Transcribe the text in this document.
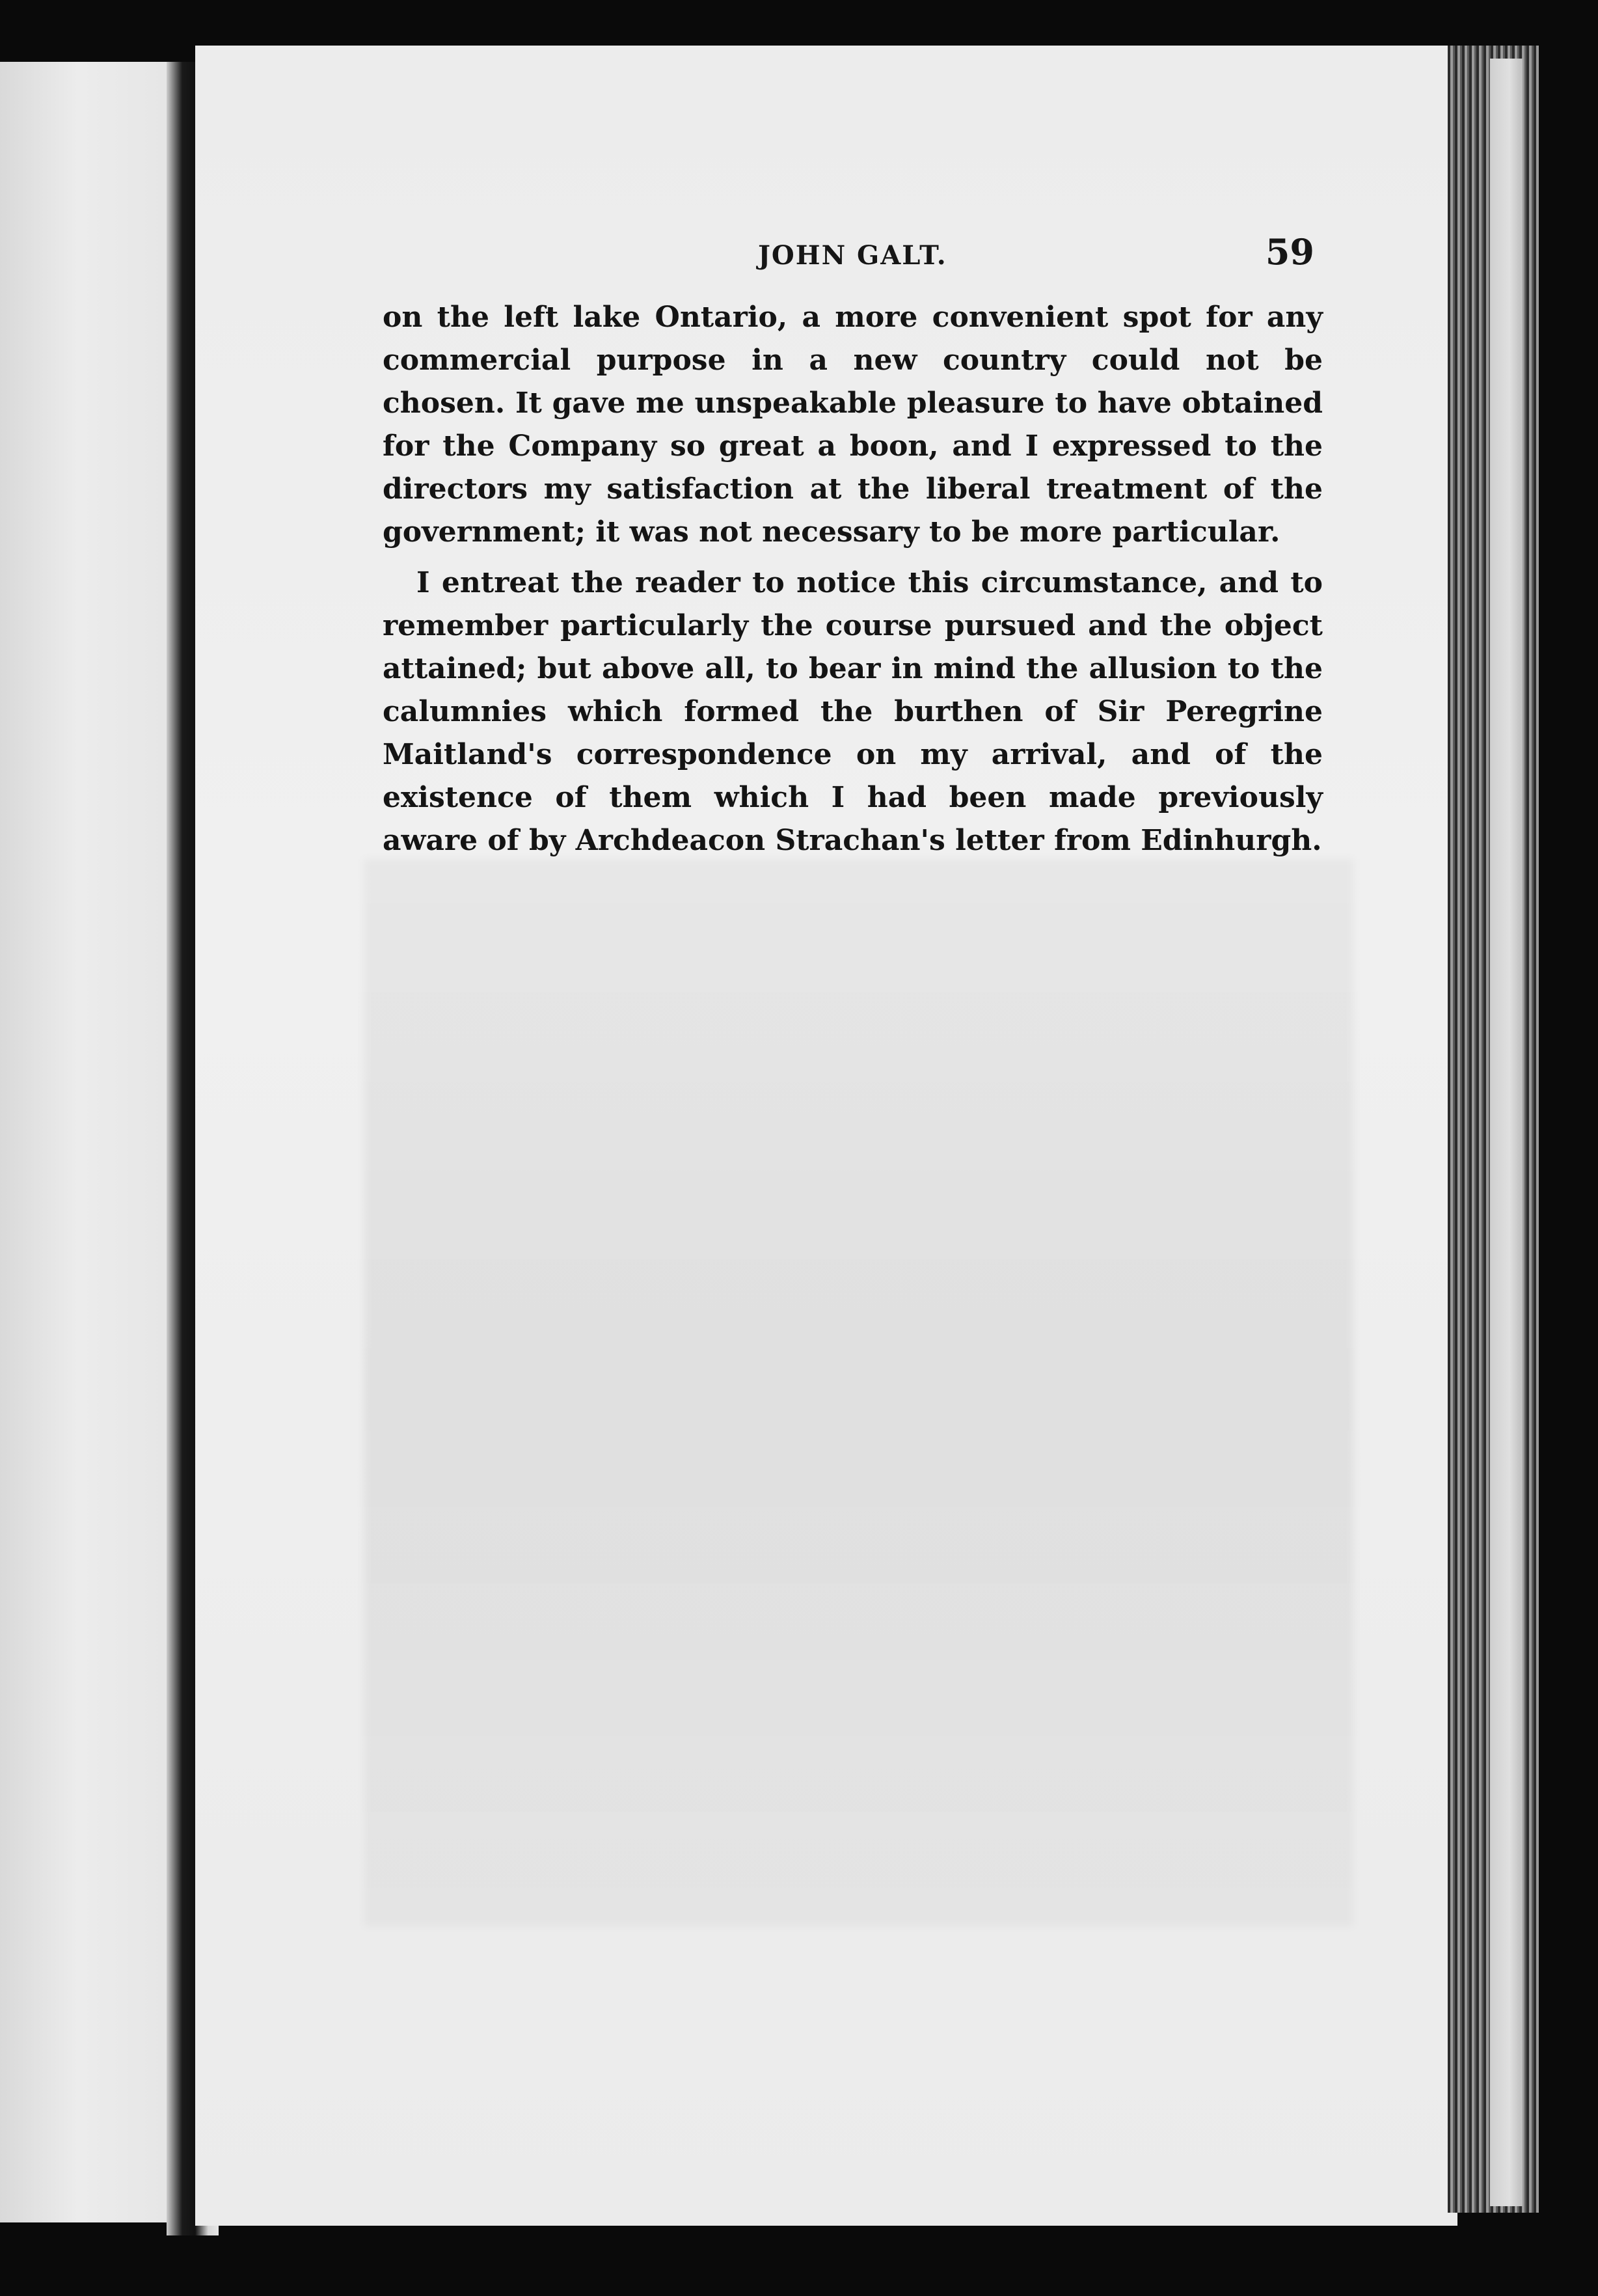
JOHN GALT.	59

on the left lake Ontario, a more convenient spot for any commercial purpose in a new country could not be chosen. It gave me unspeakable pleasure to have obtained for the Company so great a boon, and I expressed to the directors my satisfaction at the liberal treatment of the government; it was not necessary to be more particular.

I entreat the reader to notice this circumstance, and to remember particularly the course pursued and the object attained; but above all, to bear in mind the allusion to the calumnies which formed the burthen of Sir Peregrine Maitland's correspondence on my arrival, and of the existence of them which I had been made previously aware of by Archdeacon Strachan's letter from Edinhurgh.
